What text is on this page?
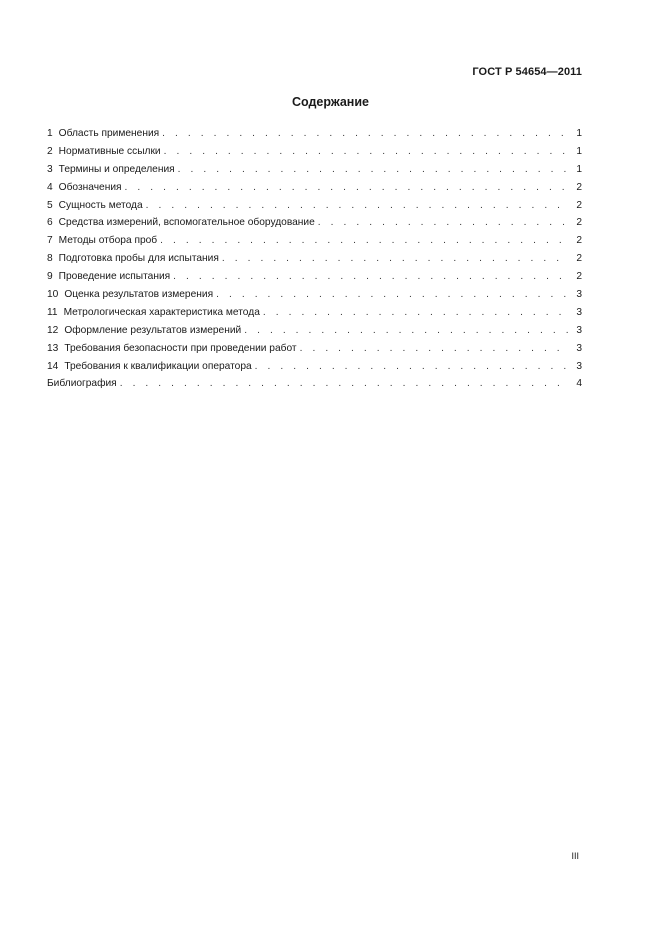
ГОСТ Р 54654—2011
Содержание
1 Область применения . . .	1
2 Нормативные ссылки . . .	1
3 Термины и определения . . .	1
4 Обозначения . . .	2
5 Сущность метода . . .	2
6 Средства измерений, вспомогательное оборудование . . .	2
7 Методы отбора проб . . .	2
8 Подготовка пробы для испытания . . .	2
9 Проведение испытания . . .	2
10 Оценка результатов измерения . . .	3
11 Метрологическая характеристика метода . . .	3
12 Оформление результатов измерений . . .	3
13 Требования безопасности при проведении работ . . .	3
14 Требования к квалификации оператора . . .	3
Библиография . . .	4
III
